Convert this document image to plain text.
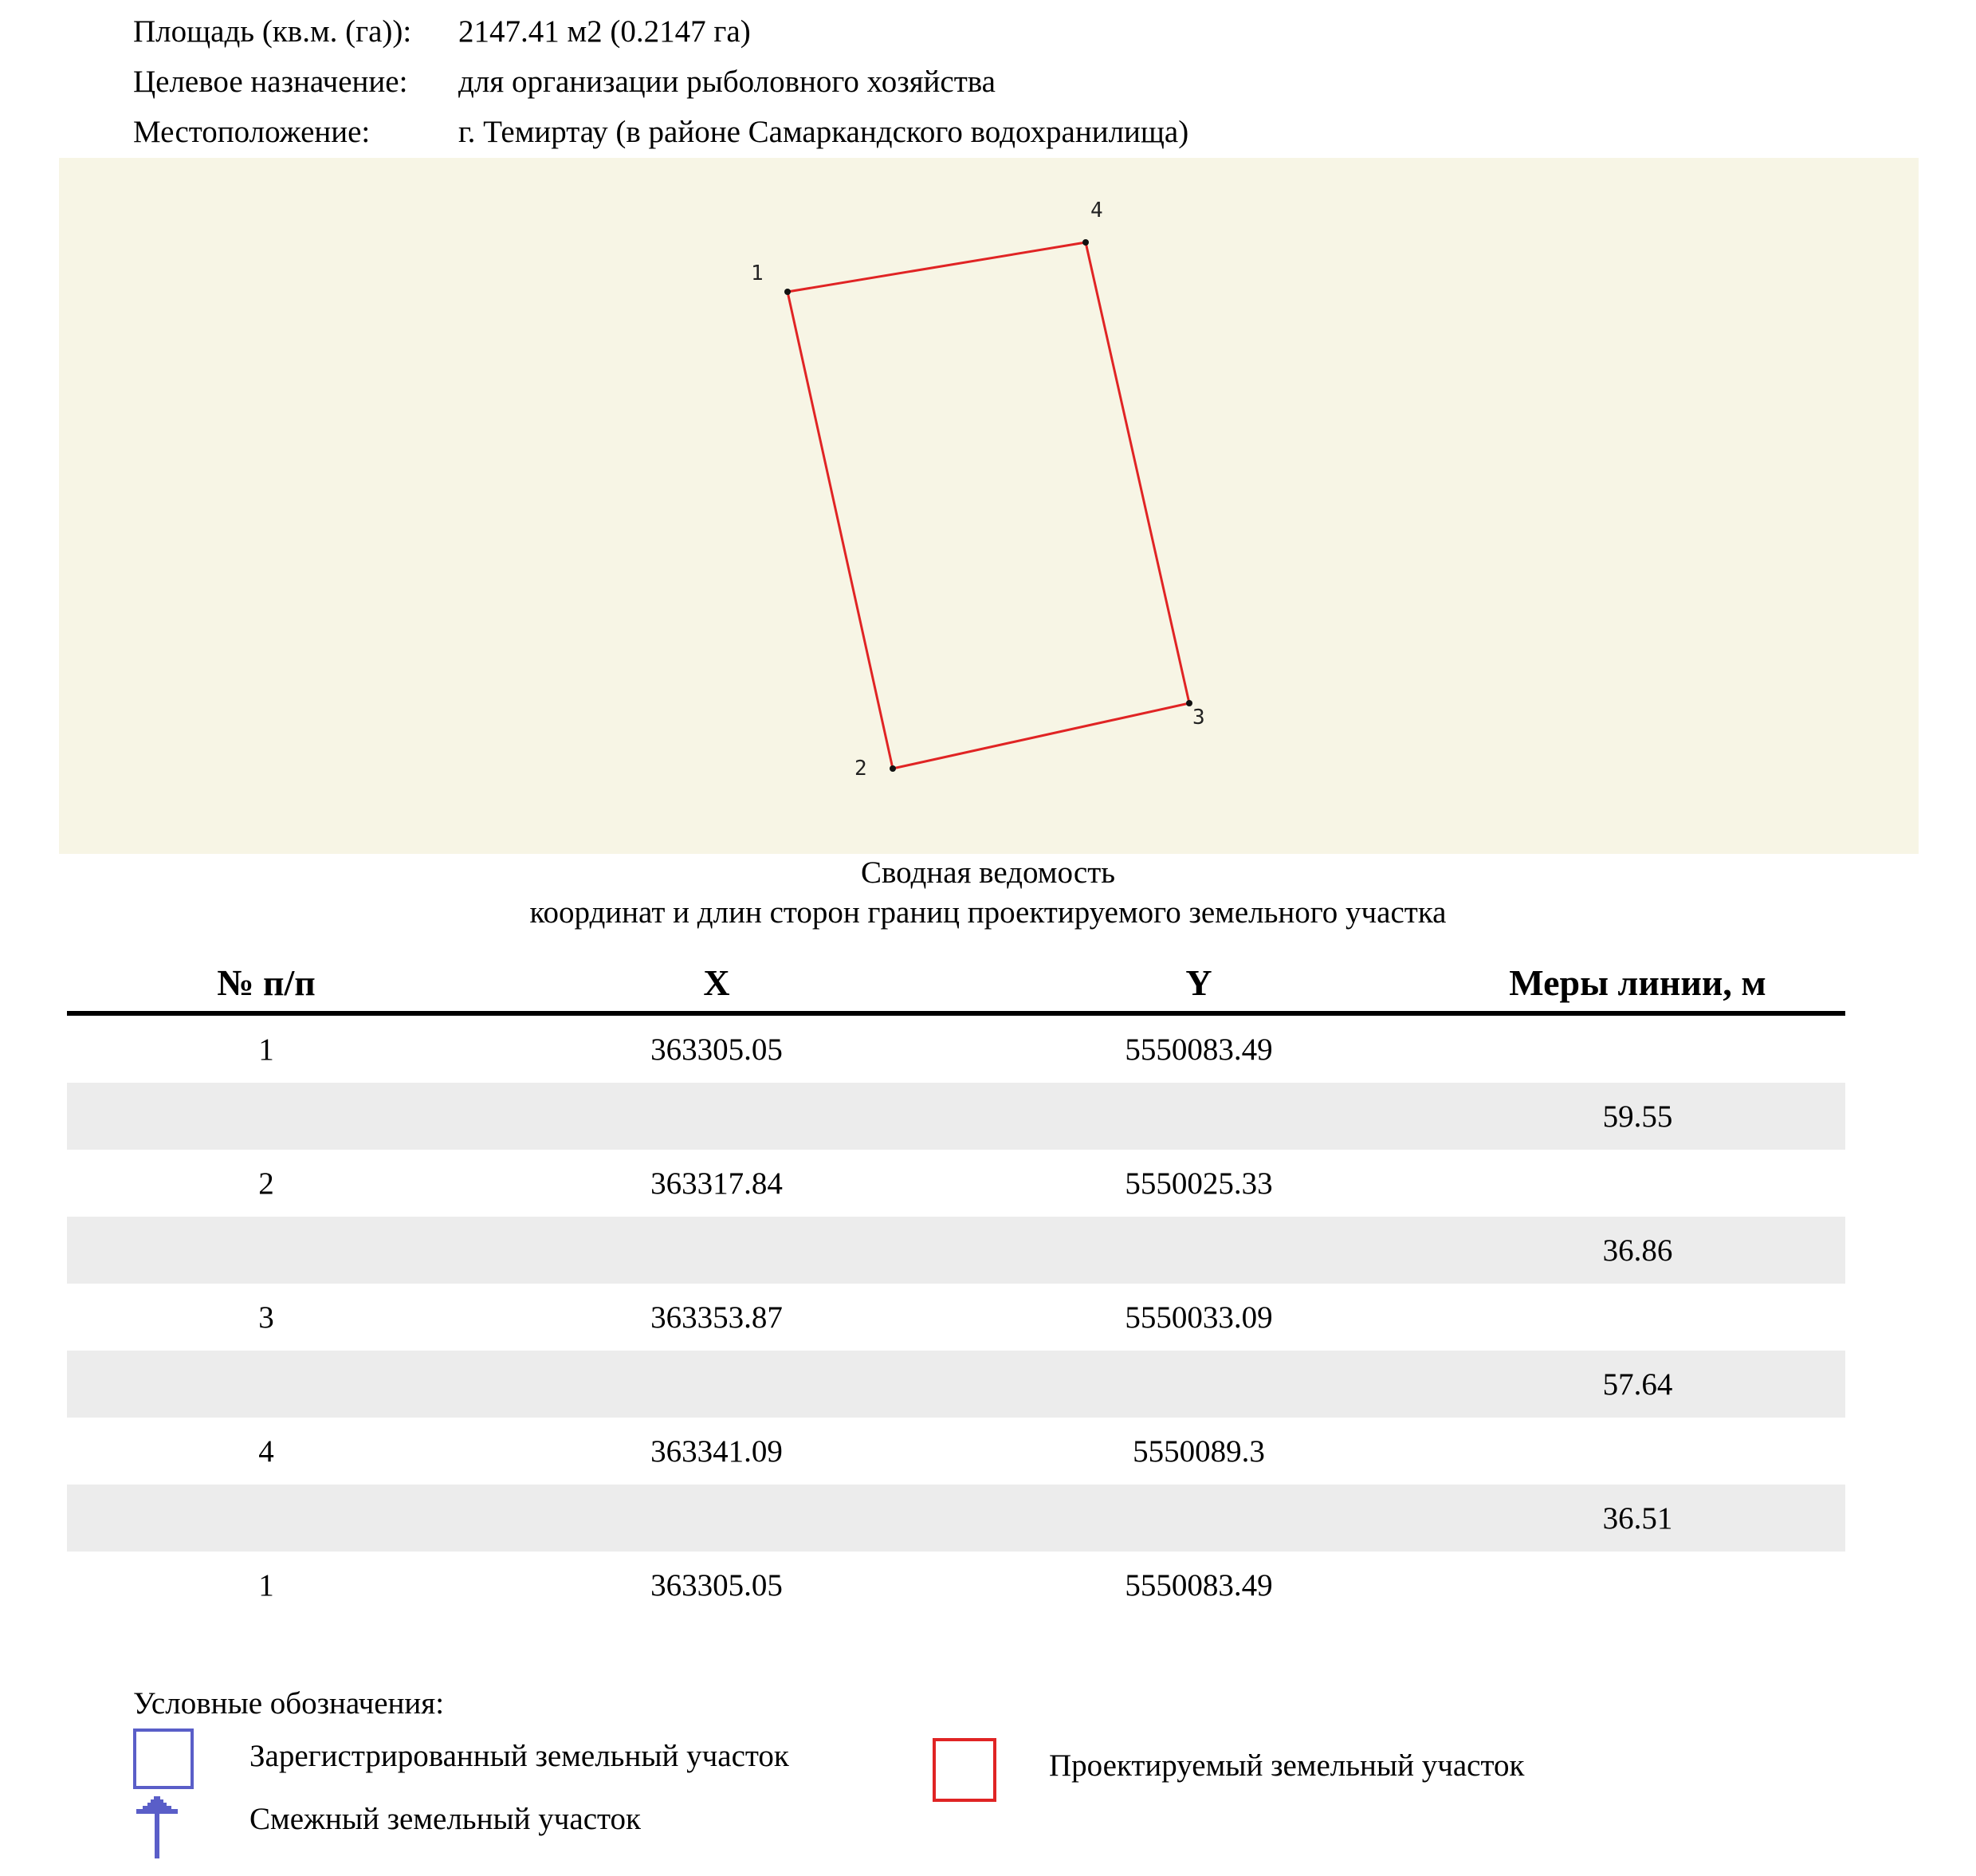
Площадь (кв.м. (га)):	2147.41 м2 (0.2147 га)
Целевое назначение:	для организации рыболовного хозяйства
Местоположение:	г. Темиртау (в районе Самаркандского водохранилища)
1
2
3
4
Сводная ведомость
координат и длин сторон границ проектируемого земельного участка
№ п/п	X	Y	Меры линии, м
1	363305.05	5550083.49
59.55
2	363317.84	5550025.33
36.86
3	363353.87	5550033.09
57.64
4	363341.09	5550089.3
36.51
1	363305.05	5550083.49
Условные обозначения:
Зарегистрированный земельный участок
Смежный земельный участок
Проектируемый земельный участок
